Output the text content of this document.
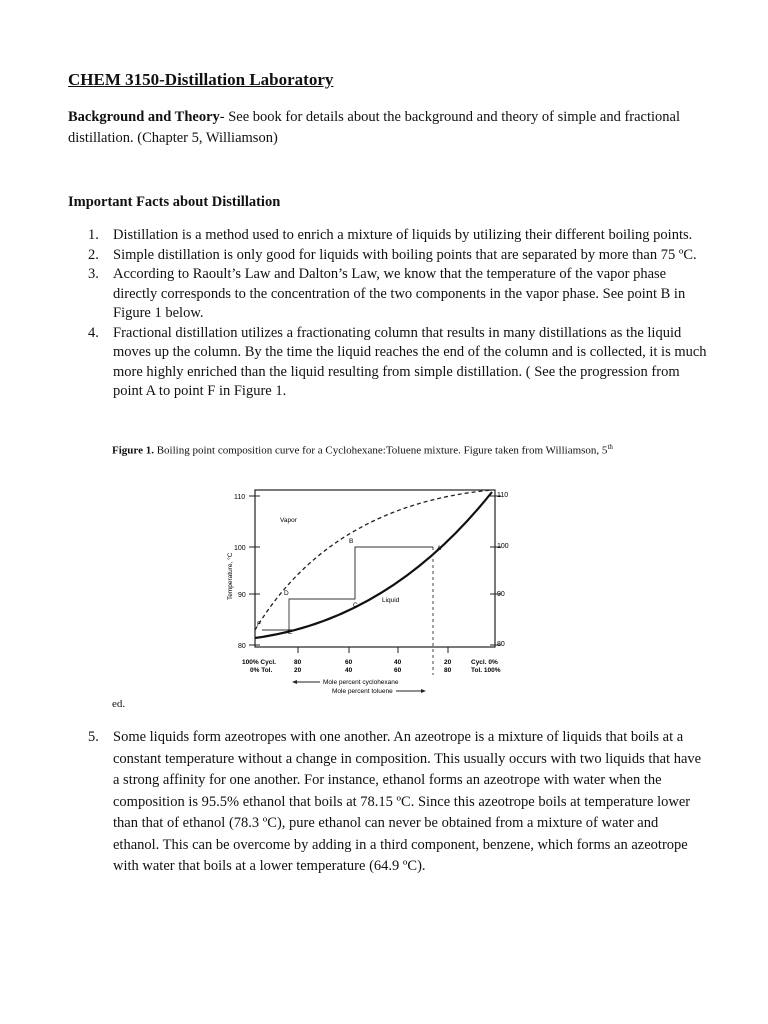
CHEM 3150-Distillation Laboratory

Background and Theory- See book for details about the background and theory of simple and fractional distillation. (Chapter 5, Williamson)

Important Facts about Distillation
1. Distillation is a method used to enrich a mixture of liquids by utilizing their different boiling points.
2. Simple distillation is only good for liquids with boiling points that are separated by more than 75 ºC.
3. According to Raoult’s Law and Dalton’s Law, we know that the temperature of the vapor phase directly corresponds to the concentration of the two components in the vapor phase. See point B in Figure 1 below.
4. Fractional distillation utilizes a fractionating column that results in many distillations as the liquid moves up the column. By the time the liquid reaches the end of the column and is collected, it is much more highly enriched than the liquid resulting from simple distillation. ( See the progression from point A to point F in Figure 1.
Figure 1. Boiling point composition curve for a Cyclohexane:Toluene mixture. Figure taken from Williamson, 5th
110
100
90
80
110
100
90
80
Temperature, °C
Vapor
Liquid
A
B
C
D
E
F
100% Cycl.
0% Tol.
80	60	40	20
20	40	60	80
Cycl. 0%
Tol. 100%
Mole percent cyclohexane
Mole percent toluene
ed.
5. Some liquids form azeotropes with one another. An azeotrope is a mixture of liquids that boils at a constant temperature without a change in composition. This usually occurs with two liquids that have a strong affinity for one another. For instance, ethanol forms an azeotrope with water when the composition is 95.5% ethanol that boils at 78.15 ºC. Since this azeotrope boils at temperature lower than that of ethanol (78.3 ºC), pure ethanol can never be obtained from a mixture of water and ethanol. This can be overcome by adding in a third component, benzene, which forms an azeotrope with water that boils at a lower temperature (64.9 ºC).
